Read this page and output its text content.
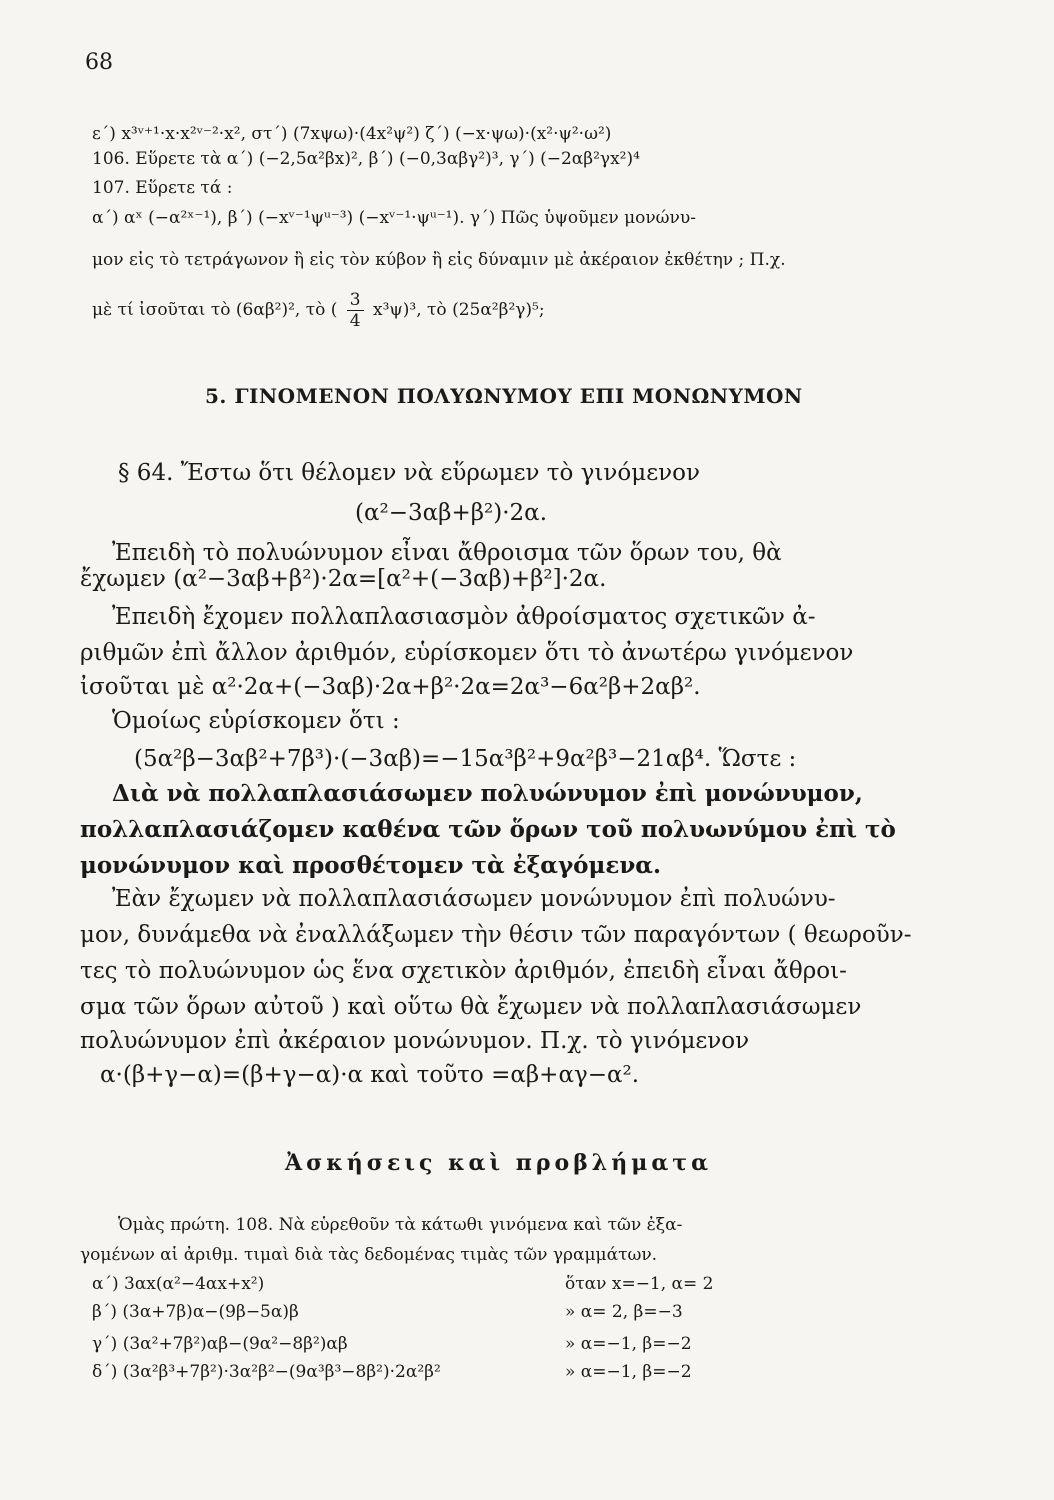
68
ε΄) x³ᵛ⁺¹·x·x²ᵛ⁻²·x², στ΄) (7xψω)·(4x²ψ²) ζ΄) (−x·ψω)·(x²·ψ²·ω²)
106. Εὕρετε τὰ α΄) (−2,5α²βx)², β΄) (−0,3αβγ²)³, γ΄) (−2αβ²γx²)⁴
107. Εὕρετε τά :
α΄) αˣ (−α²ˣ⁻¹), β΄) (−xᵛ⁻¹ψᵘ⁻³) (−xᵛ⁻¹·ψᵘ⁻¹). γ΄) Πῶς ὑψοῦμεν μονώνυ-
μον εἰς τὸ τετράγωνον ἢ εἰς τὸν κύβον ἢ εἰς δύναμιν μὲ ἀκέραιον ἐκθέτην ; Π.χ.
μὲ τί ἰσοῦται τὸ (6αβ²)², τὸ ( $\frac{3}{4} x^3\psi)^3$, τὸ (25α²β²γ)⁵;
5. ΓΙΝΟΜΕΝΟΝ ΠΟΛΥΩΝΥΜΟΥ ΕΠΙ ΜΟΝΩΝΥΜΟΝ
§ 64. Ἔστω ὅτι θέλομεν νὰ εὕρωμεν τὸ γινόμενον
(α²−3αβ+β²)·2α.
Ἐπειδὴ τὸ πολυώνυμον εἶναι ἄθροισμα τῶν ὅρων του, θὰ
ἔχωμεν (α²−3αβ+β²)·2α=[α²+(−3αβ)+β²]·2α.
Ἐπειδὴ ἔχομεν πολλαπλασιασμὸν ἀθροίσματος σχετικῶν ἀ-
ριθμῶν ἐπὶ ἄλλον ἀριθμόν, εὑρίσκομεν ὅτι τὸ ἀνωτέρω γινόμενον
ἰσοῦται μὲ α²·2α+(−3αβ)·2α+β²·2α=2α³−6α²β+2αβ².
Ὁμοίως εὑρίσκομεν ὅτι :
(5α²β−3αβ²+7β³)·(−3αβ)=−15α³β²+9α²β³−21αβ⁴. Ὥστε :
Διὰ νὰ πολλαπλασιάσωμεν πολυώνυμον ἐπὶ μονώνυμον,
πολλαπλασιάζομεν καθένα τῶν ὅρων τοῦ πολυωνύμου ἐπὶ τὸ
μονώνυμον καὶ προσθέτομεν τὰ ἐξαγόμενα.
Ἐὰν ἔχωμεν νὰ πολλαπλασιάσωμεν μονώνυμον ἐπὶ πολυώνυ-
μον, δυνάμεθα νὰ ἐναλλάξωμεν τὴν θέσιν τῶν παραγόντων ( θεωροῦν-
τες τὸ πολυώνυμον ὡς ἕνα σχετικὸν ἀριθμόν, ἐπειδὴ εἶναι ἄθροι-
σμα τῶν ὅρων αὐτοῦ ) καὶ οὕτω θὰ ἔχωμεν νὰ πολλαπλασιάσωμεν
πολυώνυμον ἐπὶ ἀκέραιον μονώνυμον. Π.χ. τὸ γινόμενον
α·(β+γ−α)=(β+γ−α)·α καὶ τοῦτο =αβ+αγ−α².
Ἀσκήσεις καὶ προβλήματα
Ὁμὰς πρώτη. 108. Νὰ εὑρεθοῦν τὰ κάτωθι γινόμενα καὶ τῶν ἐξα-
γομένων αἱ ἀριθμ. τιμαὶ διὰ τὰς δεδομένας τιμὰς τῶν γραμμάτων.
α΄) 3αx(α²−4αx+x²)	ὅταν x=−1, α= 2
β΄) (3α+7β)α−(9β−5α)β	» α= 2, β=−3
γ΄) (3α²+7β²)αβ−(9α²−8β²)αβ	» α=−1, β=−2
δ΄) (3α²β³+7β²)·3α²β²−(9α³β³−8β²)·2α²β²	» α=−1, β=−2
